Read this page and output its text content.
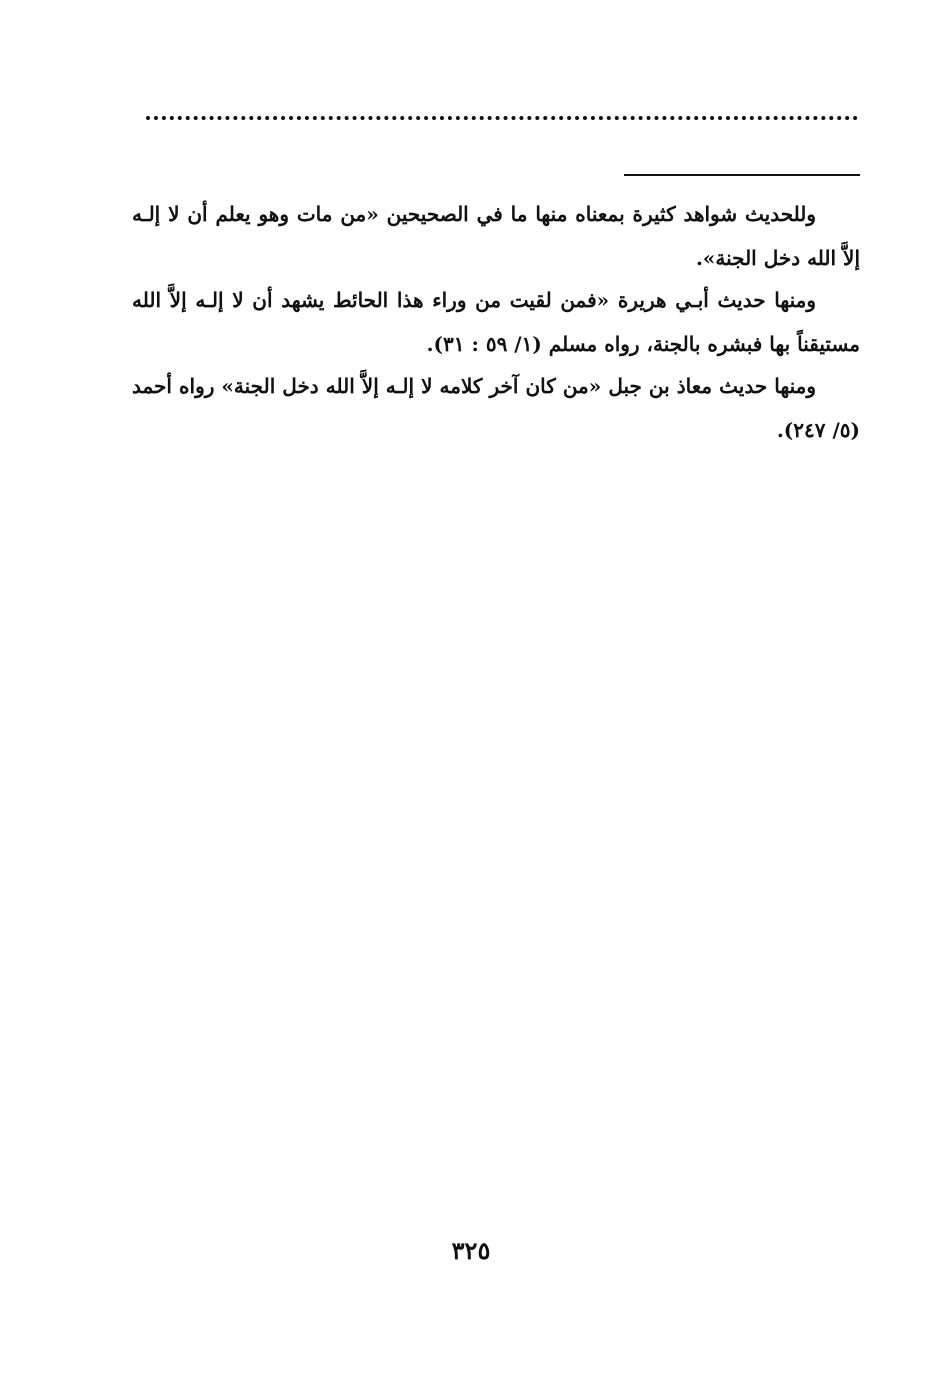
وللحديث شواهد كثيرة بمعناه منها ما في الصحيحين «من مات وهو يعلم أن لا إلـه إلاَّ الله دخل الجنة».

ومنها حديث أبـي هريرة «فمن لقيت من وراء هذا الحائط يشهد أن لا إلـه إلاَّ الله مستيقناً بها فبشره بالجنة، رواه مسلم (١/ ٥٩ : ٣١).

ومنها حديث معاذ بن جبل «من كان آخر كلامه لا إلـه إلاَّ الله دخل الجنة» رواه أحمد (٥/ ٢٤٧).

٣٢٥
